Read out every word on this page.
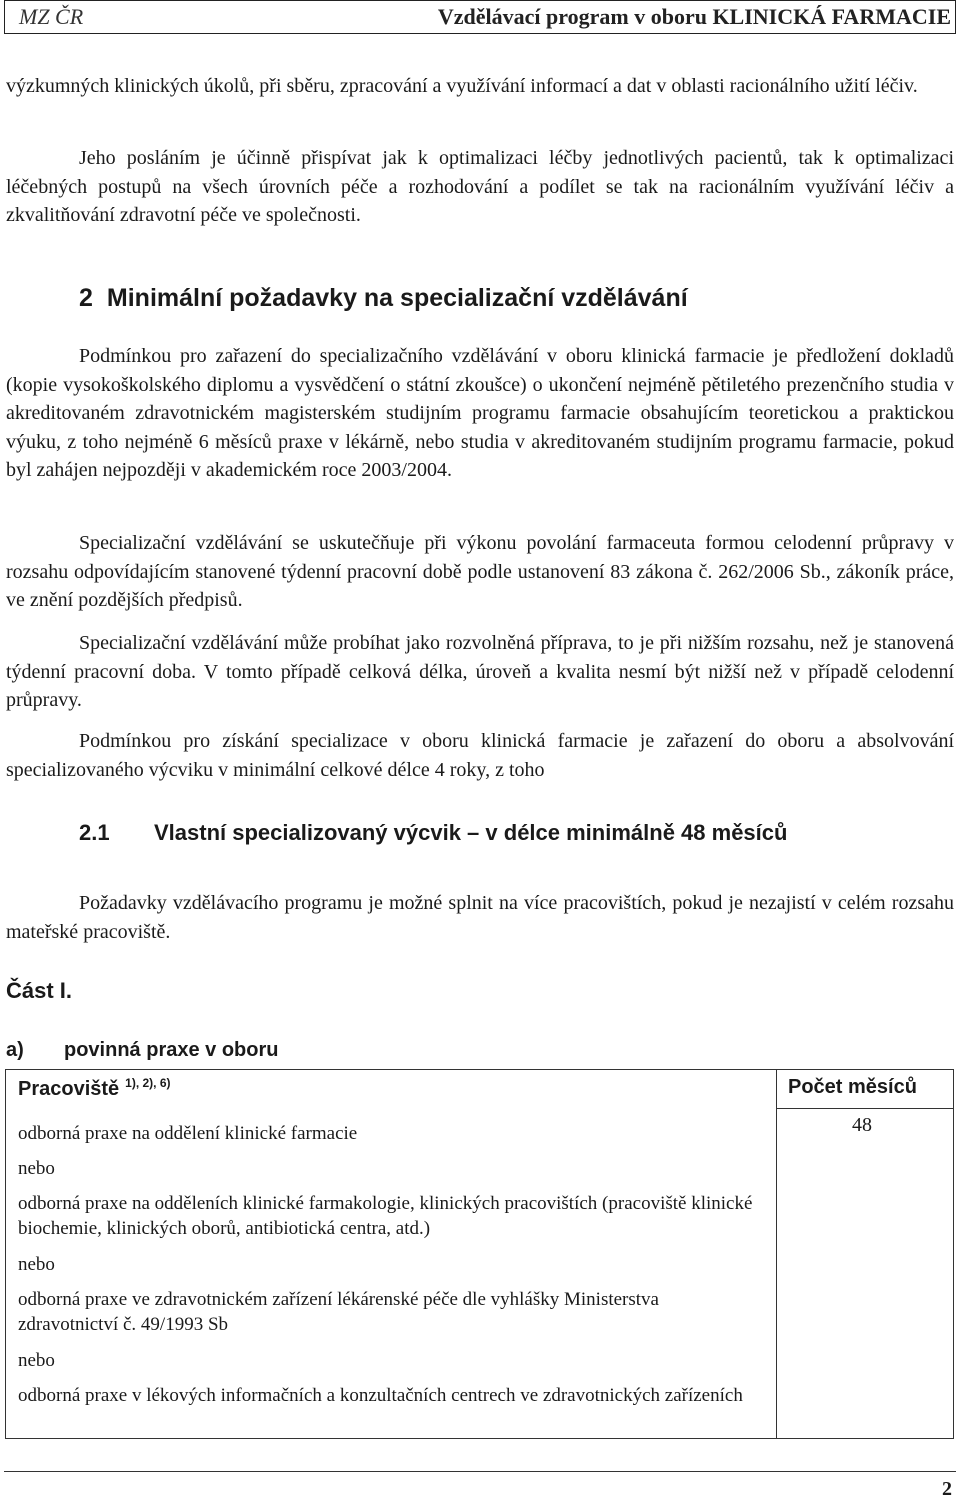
MZ ČR	Vzdělávací program v oboru KLINICKÁ FARMACIE

výzkumných klinických úkolů, při sběru, zpracování a využívání informací a dat v oblasti racionálního užití léčiv.

Jeho posláním je účinně přispívat jak k optimalizaci léčby jednotlivých pacientů, tak k optimalizaci léčebných postupů na všech úrovních péče a rozhodování a podílet se tak na racionálním využívání léčiv a zkvalitňování zdravotní péče ve společnosti.

2 Minimální požadavky na specializační vzdělávání

Podmínkou pro zařazení do specializačního vzdělávání v oboru klinická farmacie je předložení dokladů (kopie vysokoškolského diplomu a vysvědčení o státní zkoušce) o ukončení nejméně pětiletého prezenčního studia v akreditovaném zdravotnickém magisterském studijním programu farmacie obsahujícím teoretickou a praktickou výuku, z toho nejméně 6 měsíců praxe v lékárně, nebo studia v akreditovaném studijním programu farmacie, pokud byl zahájen nejpozději v akademickém roce 2003/2004.

Specializační vzdělávání se uskutečňuje při výkonu povolání farmaceuta formou celodenní průpravy v rozsahu odpovídajícím stanovené týdenní pracovní době podle ustanovení 83 zákona č. 262/2006 Sb., zákoník práce, ve znění pozdějších předpisů.

Specializační vzdělávání může probíhat jako rozvolněná příprava, to je při nižším rozsahu, než je stanovená týdenní pracovní doba. V tomto případě celková délka, úroveň a kvalita nesmí být nižší než v případě celodenní průpravy.

Podmínkou pro získání specializace v oboru klinická farmacie je zařazení do oboru a absolvování specializovaného výcviku v minimální celkové délce 4 roky, z toho

2.1 Vlastní specializovaný výcvik – v délce minimálně 48 měsíců

Požadavky vzdělávacího programu je možné splnit na více pracovištích, pokud je nezajistí v celém rozsahu mateřské pracoviště.

Část I.
a) povinná praxe v oboru
Pracoviště $^{1), 2), 6)}$	Počet měsíců
48
odborná praxe na oddělení klinické farmacie
nebo
odborná praxe na odděleních klinické farmakologie, klinických pracovištích (pracoviště klinické biochemie, klinických oborů, antibiotická centra, atd.)
nebo
odborná praxe ve zdravotnickém zařízení lékárenské péče dle vyhlášky Ministerstva zdravotnictví č. 49/1993 Sb
nebo
odborná praxe v lékových informačních a konzultačních centrech ve zdravotnických zařízeních
2
